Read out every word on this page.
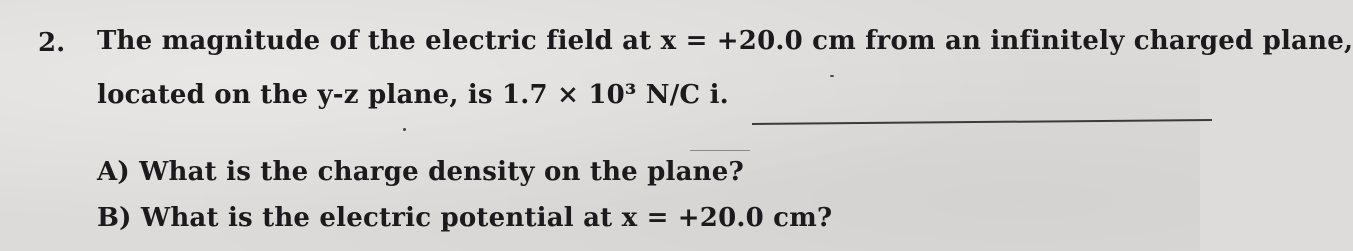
2. The magnitude of the electric field at x = +20.0 cm from an infinitely charged plane,
located on the y-z plane, is 1.7 × 10³ N/C i.
A) What is the charge density on the plane?
B) What is the electric potential at x = +20.0 cm?
